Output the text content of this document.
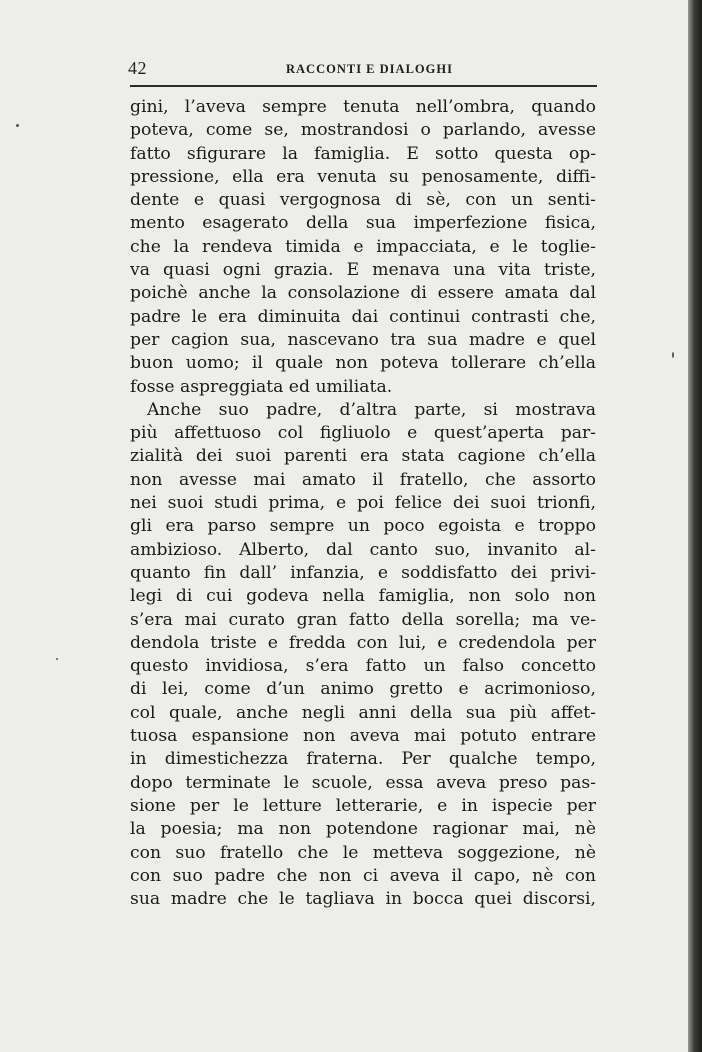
42	RACCONTI E DIALOGHI
gini, l’aveva sempre tenuta nell’ombra, quando
poteva, come se, mostrandosi o parlando, avesse
fatto sfigurare la famiglia. E sotto questa op-
pressione, ella era venuta su penosamente, diffi-
dente e quasi vergognosa di sè, con un senti-
mento esagerato della sua imperfezione fisica,
che la rendeva timida e impacciata, e le toglie-
va quasi ogni grazia. E menava una vita triste,
poichè anche la consolazione di essere amata dal
padre le era diminuita dai continui contrasti che,
per cagion sua, nascevano tra sua madre e quel
buon uomo; il quale non poteva tollerare ch’ella
fosse aspreggiata ed umiliata.
Anche suo padre, d’altra parte, si mostrava
più affettuoso col figliuolo e quest’aperta par-
zialità dei suoi parenti era stata cagione ch’ella
non avesse mai amato il fratello, che assorto
nei suoi studi prima, e poi felice dei suoi trionfi,
gli era parso sempre un poco egoista e troppo
ambizioso. Alberto, dal canto suo, invanito al-
quanto fin dall’ infanzia, e soddisfatto dei privi-
legi di cui godeva nella famiglia, non solo non
s’era mai curato gran fatto della sorella; ma ve-
dendola triste e fredda con lui, e credendola per
questo invidiosa, s’era fatto un falso concetto
di lei, come d’un animo gretto e acrimonioso,
col quale, anche negli anni della sua più affet-
tuosa espansione non aveva mai potuto entrare
in dimestichezza fraterna. Per qualche tempo,
dopo terminate le scuole, essa aveva preso pas-
sione per le letture letterarie, e in ispecie per
la poesia; ma non potendone ragionar mai, nè
con suo fratello che le metteva soggezione, nè
con suo padre che non ci aveva il capo, nè con
sua madre che le tagliava in bocca quei discorsi,
